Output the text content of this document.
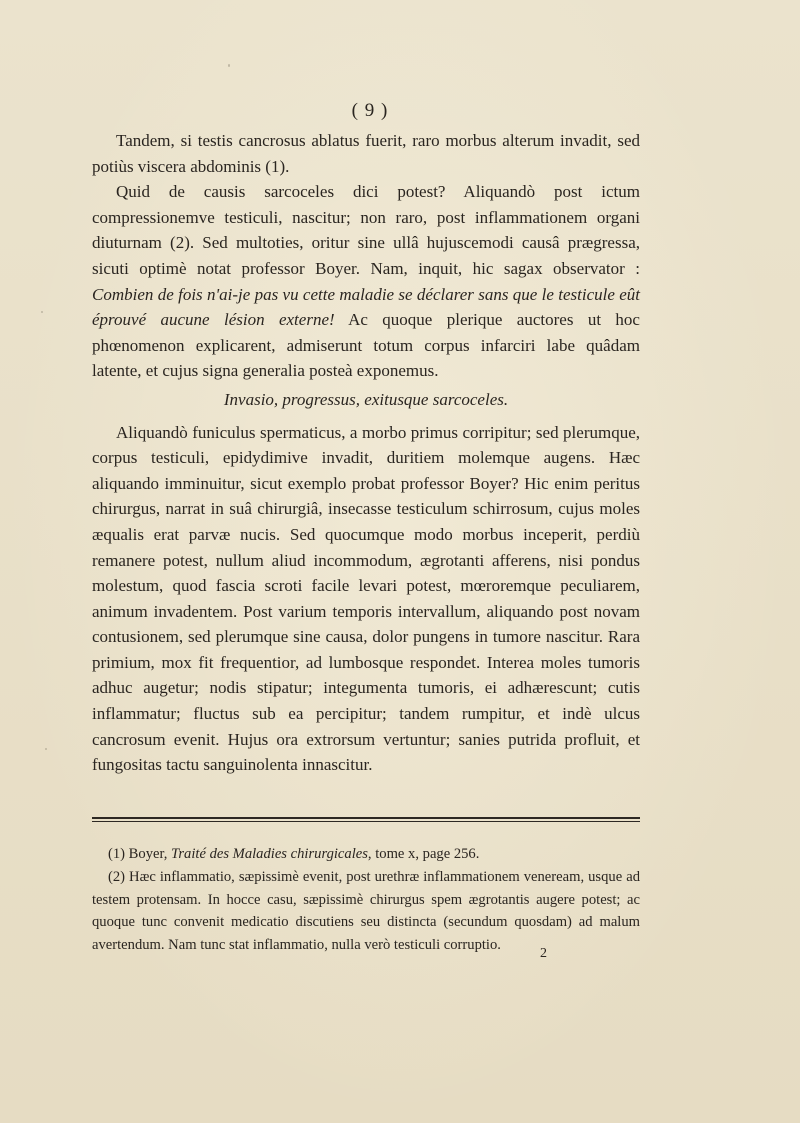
( 9 )

Tandem, si testis cancrosus ablatus fuerit, raro morbus alterum invadit, sed potiùs viscera abdominis (1).

Quid de causis sarcoceles dici potest? Aliquandò post ictum compressionemve testiculi, nascitur; non raro, post inflammationem organi diuturnam (2). Sed multoties, oritur sine ullâ hujuscemodi causâ prægressa, sicuti optimè notat professor Boyer. Nam, inquit, hic sagax observator : Combien de fois n'ai-je pas vu cette maladie se déclarer sans que le testicule eût éprouvé aucune lésion externe! Ac quoque plerique auctores ut hoc phœnomenon explicarent, admiserunt totum corpus infarciri labe quâdam latente, et cujus signa generalia posteà exponemus.

Invasio, progressus, exitusque sarcoceles.

Aliquandò funiculus spermaticus, a morbo primus corripitur; sed plerumque, corpus testiculi, epidydimive invadit, duritiem molemque augens. Hæc aliquando imminuitur, sicut exemplo probat professor Boyer? Hic enim peritus chirurgus, narrat in suâ chirurgiâ, insecasse testiculum schirrosum, cujus moles æqualis erat parvæ nucis. Sed quocumque modo morbus inceperit, perdiù remanere potest, nullum aliud incommodum, ægrotanti afferens, nisi pondus molestum, quod fascia scroti facile levari potest, mœroremque peculiarem, animum invadentem. Post varium temporis intervallum, aliquando post novam contusionem, sed plerumque sine causa, dolor pungens in tumore nascitur. Rara primium, mox fit frequentior, ad lumbosque respondet. Interea moles tumoris adhuc augetur; nodis stipatur; integumenta tumoris, ei adhærescunt; cutis inflammatur; fluctus sub ea percipitur; tandem rumpitur, et indè ulcus cancrosum evenit. Hujus ora extrorsum vertuntur; sanies putrida profluit, et fungositas tactu sanguinolenta innascitur.

(1) Boyer, Traité des Maladies chirurgicales, tome x, page 256.

(2) Hæc inflammatio, sæpissimè evenit, post urethræ inflammationem veneream, usque ad testem protensam. In hocce casu, sæpissimè chirurgus spem ægrotantis augere potest; ac quoque tunc convenit medicatio discutiens seu distincta (secundum quosdam) ad malum avertendum. Nam tunc stat inflammatio, nulla verò testiculi corruptio.

2
